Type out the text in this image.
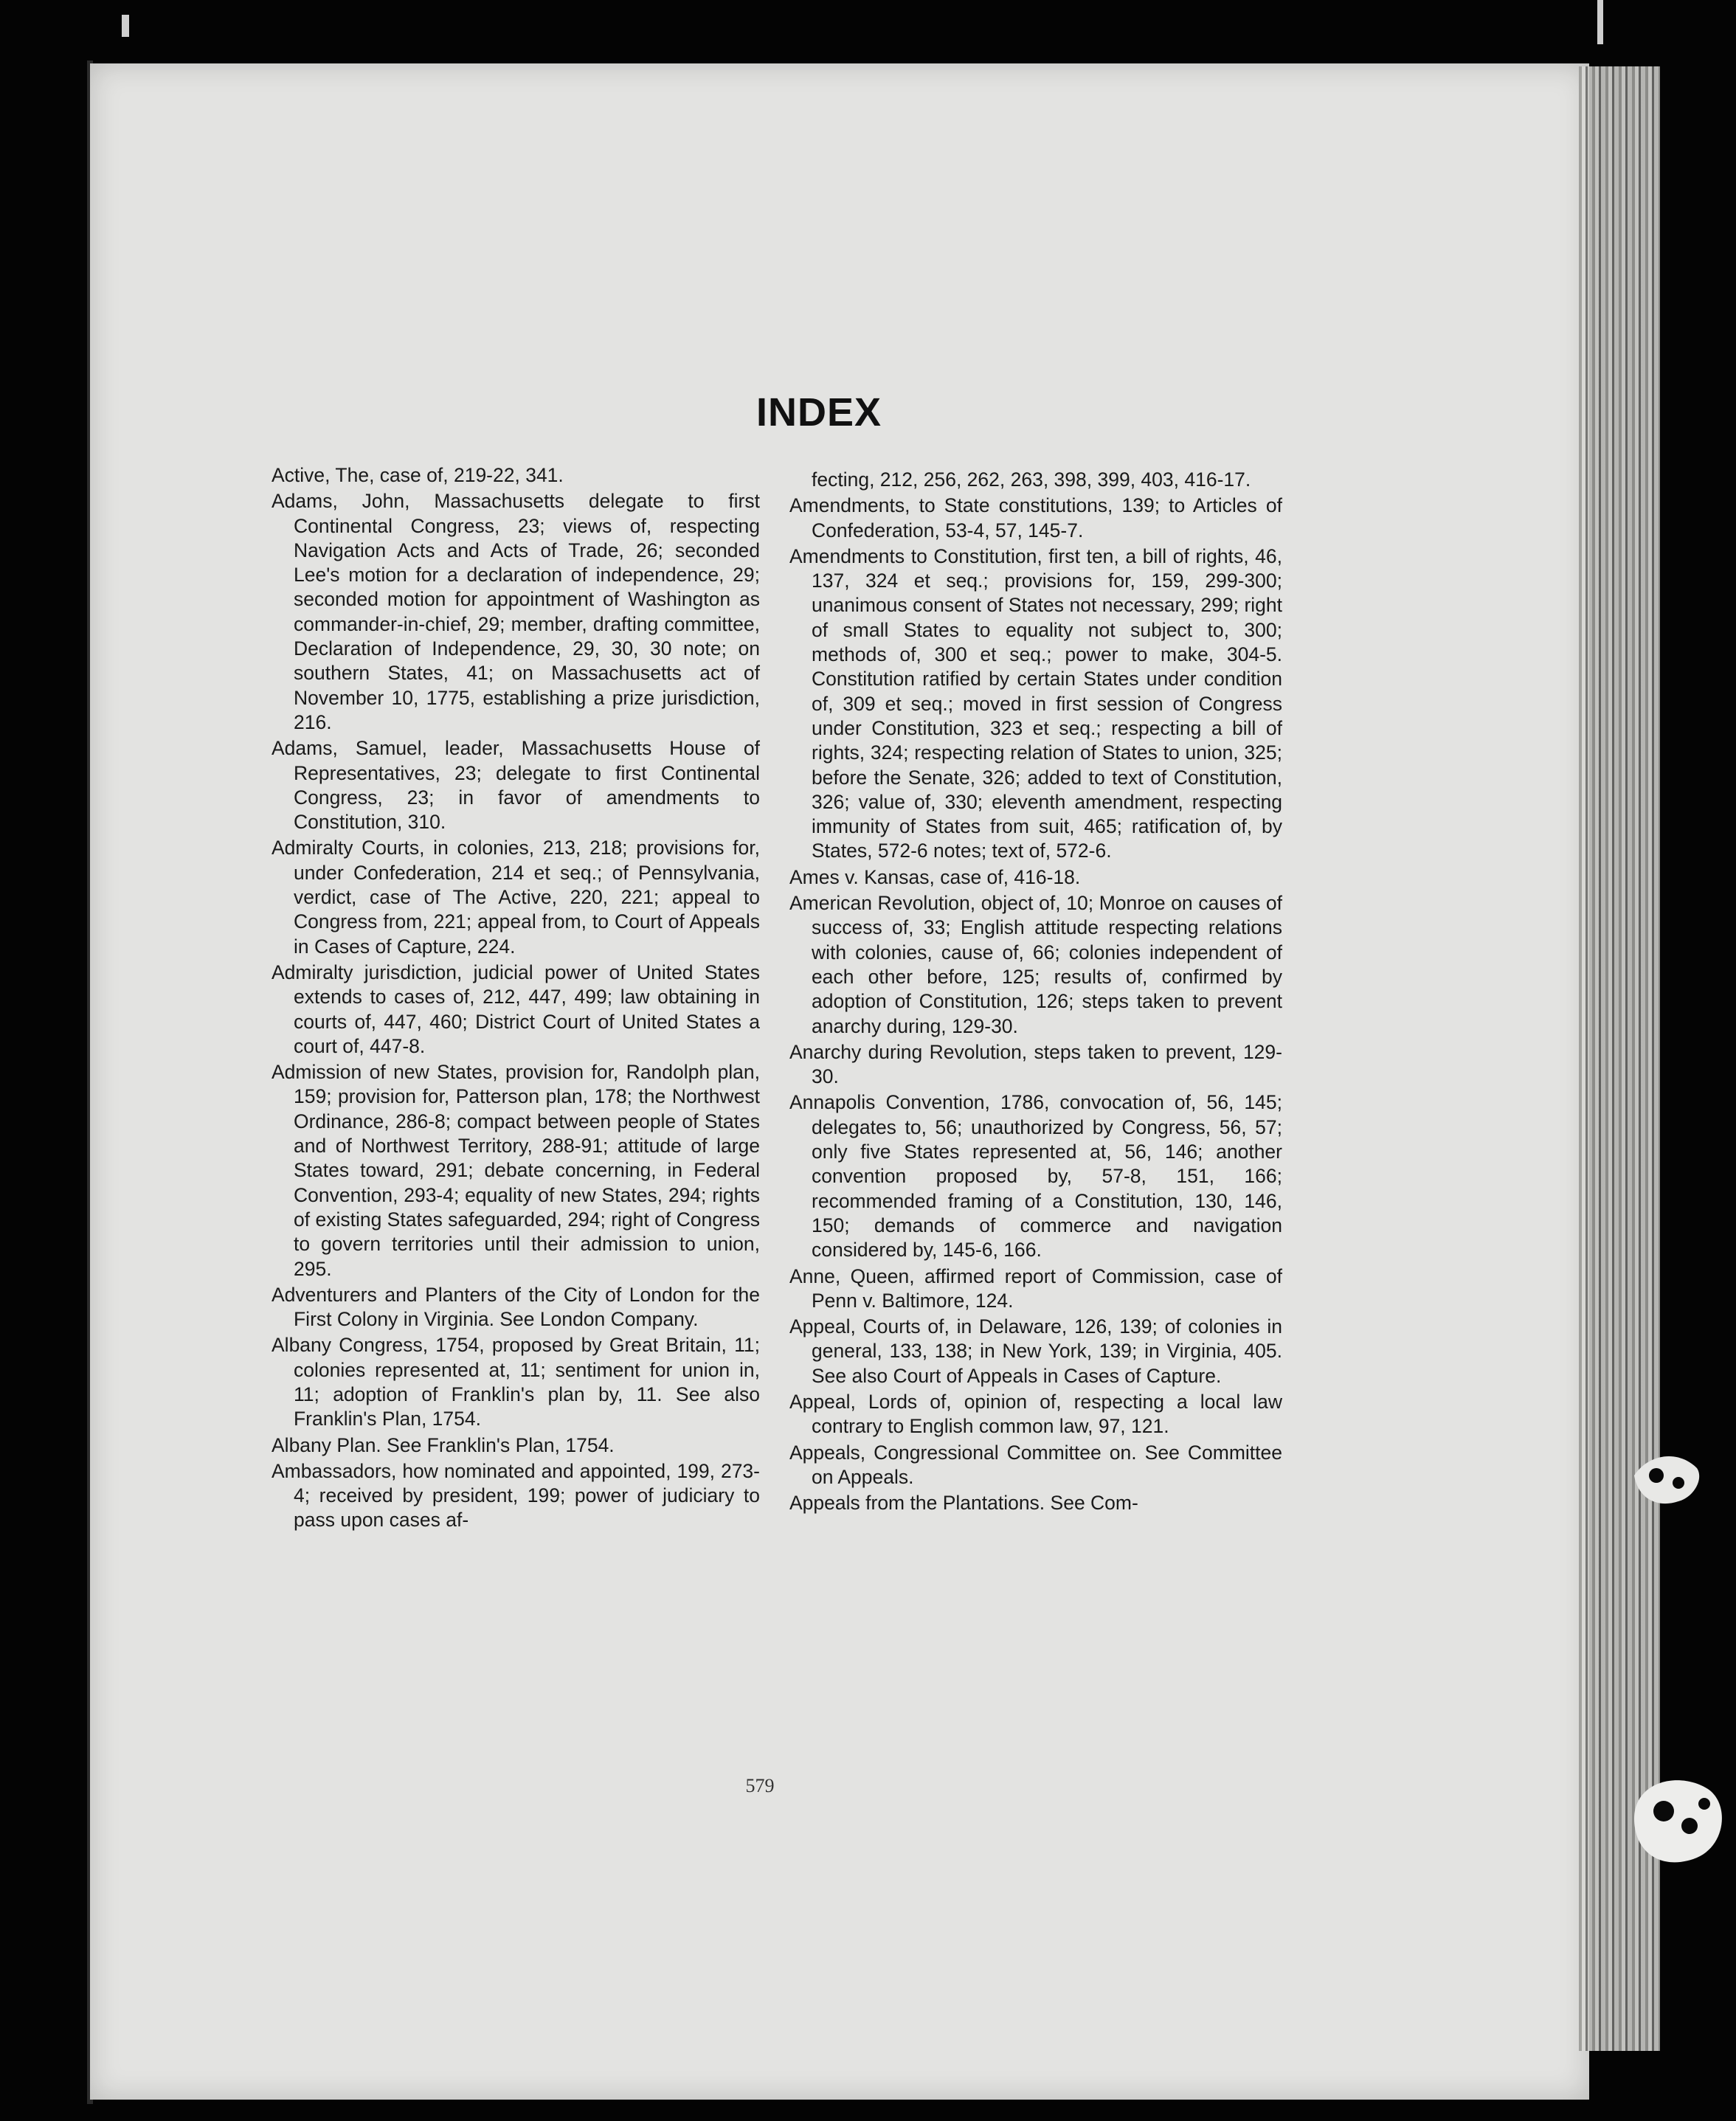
INDEX

Active, The, case of, 219-22, 341.

Adams, John, Massachusetts delegate to first Continental Congress, 23; views of, respecting Navigation Acts and Acts of Trade, 26; seconded Lee's motion for a declaration of independence, 29; seconded motion for appointment of Washington as commander-in-chief, 29; member, drafting committee, Declaration of Independence, 29, 30, 30 note; on southern States, 41; on Massachusetts act of November 10, 1775, establishing a prize jurisdiction, 216.

Adams, Samuel, leader, Massachusetts House of Representatives, 23; delegate to first Continental Congress, 23; in favor of amendments to Constitution, 310.

Admiralty Courts, in colonies, 213, 218; provisions for, under Confederation, 214 et seq.; of Pennsylvania, verdict, case of The Active, 220, 221; appeal to Congress from, 221; appeal from, to Court of Appeals in Cases of Capture, 224.

Admiralty jurisdiction, judicial power of United States extends to cases of, 212, 447, 499; law obtaining in courts of, 447, 460; District Court of United States a court of, 447-8.

Admission of new States, provision for, Randolph plan, 159; provision for, Patterson plan, 178; the Northwest Ordinance, 286-8; compact between people of States and of Northwest Territory, 288-91; attitude of large States toward, 291; debate concerning, in Federal Convention, 293-4; equality of new States, 294; rights of existing States safeguarded, 294; right of Congress to govern territories until their admission to union, 295.

Adventurers and Planters of the City of London for the First Colony in Virginia. See London Company.

Albany Congress, 1754, proposed by Great Britain, 11; colonies represented at, 11; sentiment for union in, 11; adoption of Franklin's plan by, 11. See also Franklin's Plan, 1754.

Albany Plan. See Franklin's Plan, 1754.

Ambassadors, how nominated and appointed, 199, 273-4; received by president, 199; power of judiciary to pass upon cases af-

fecting, 212, 256, 262, 263, 398, 399, 403, 416-17.

Amendments, to State constitutions, 139; to Articles of Confederation, 53-4, 57, 145-7.

Amendments to Constitution, first ten, a bill of rights, 46, 137, 324 et seq.; provisions for, 159, 299-300; unanimous consent of States not necessary, 299; right of small States to equality not subject to, 300; methods of, 300 et seq.; power to make, 304-5. Constitution ratified by certain States under condition of, 309 et seq.; moved in first session of Congress under Constitution, 323 et seq.; respecting a bill of rights, 324; respecting relation of States to union, 325; before the Senate, 326; added to text of Constitution, 326; value of, 330; eleventh amendment, respecting immunity of States from suit, 465; ratification of, by States, 572-6 notes; text of, 572-6.

Ames v. Kansas, case of, 416-18.

American Revolution, object of, 10; Monroe on causes of success of, 33; English attitude respecting relations with colonies, cause of, 66; colonies independent of each other before, 125; results of, confirmed by adoption of Constitution, 126; steps taken to prevent anarchy during, 129-30.

Anarchy during Revolution, steps taken to prevent, 129-30.

Annapolis Convention, 1786, convocation of, 56, 145; delegates to, 56; unauthorized by Congress, 56, 57; only five States represented at, 56, 146; another convention proposed by, 57-8, 151, 166; recommended framing of a Constitution, 130, 146, 150; demands of commerce and navigation considered by, 145-6, 166.

Anne, Queen, affirmed report of Commission, case of Penn v. Baltimore, 124.

Appeal, Courts of, in Delaware, 126, 139; of colonies in general, 133, 138; in New York, 139; in Virginia, 405. See also Court of Appeals in Cases of Capture.

Appeal, Lords of, opinion of, respecting a local law contrary to English common law, 97, 121.

Appeals, Congressional Committee on. See Committee on Appeals.

Appeals from the Plantations. See Com-

579
